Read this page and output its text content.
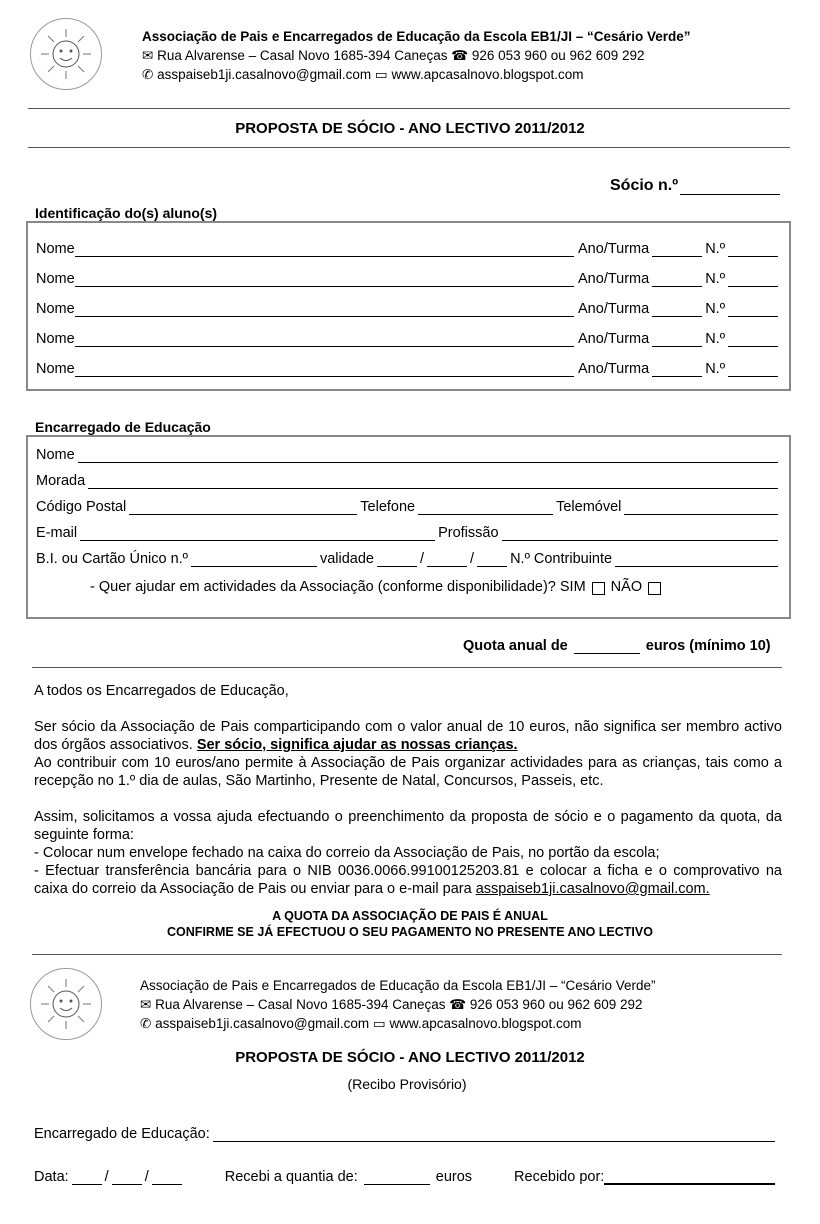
Associação de Pais e Encarregados de Educação da Escola EB1/JI – “Cesário Verde”
✉ Rua Alvarense – Casal Novo 1685-394 Caneças ☎ 926 053 960 ou 962 609 292
✆ asspaiseb1ji.casalnovo@gmail.com ▭ www.apcasalnovo.blogspot.com
PROPOSTA DE SÓCIO - ANO LECTIVO 2011/2012
Sócio n.º
Identificação do(s) aluno(s)
Nome	Ano/Turma	N.º
Nome	Ano/Turma	N.º
Nome	Ano/Turma	N.º
Nome	Ano/Turma	N.º
Nome	Ano/Turma	N.º
Encarregado de Educação
Nome
Morada
Código Postal	Telefone	Telemóvel
E-mail	Profissão
B.I. ou Cartão Único n.º	validade	/	/ N.º Contribuinte
- Quer ajudar em actividades da Associação (conforme disponibilidade)? SIM NÃO
Quota anual de	euros (mínimo 10)

A todos os Encarregados de Educação,

Ser sócio da Associação de Pais comparticipando com o valor anual de 10 euros, não significa ser membro activo dos órgãos associativos. Ser sócio, significa ajudar as nossas crianças.

Ao contribuir com 10 euros/ano permite à Associação de Pais organizar actividades para as crianças, tais como a recepção no 1.º dia de aulas, São Martinho, Presente de Natal, Concursos, Passeis, etc.

Assim, solicitamos a vossa ajuda efectuando o preenchimento da proposta de sócio e o pagamento da quota, da seguinte forma:
- Colocar num envelope fechado na caixa do correio da Associação de Pais, no portão da escola;

- Efectuar transferência bancária para o NIB 0036.0066.99100125203.81 e colocar a ficha e o comprovativo na caixa do correio da Associação de Pais ou enviar para o e-mail para asspaiseb1ji.casalnovo@gmail.com.

A QUOTA DA ASSOCIAÇÃO DE PAIS É ANUAL
CONFIRME SE JÁ EFECTUOU O SEU PAGAMENTO NO PRESENTE ANO LECTIVO
Associação de Pais e Encarregados de Educação da Escola EB1/JI – “Cesário Verde”
✉ Rua Alvarense – Casal Novo 1685-394 Caneças ☎ 926 053 960 ou 962 609 292
✆ asspaiseb1ji.casalnovo@gmail.com ▭ www.apcasalnovo.blogspot.com
PROPOSTA DE SÓCIO - ANO LECTIVO 2011/2012
(Recibo Provisório)
Encarregado de Educação:
Data: / /	Recebi a quantia de:	euros	Recebido por:
